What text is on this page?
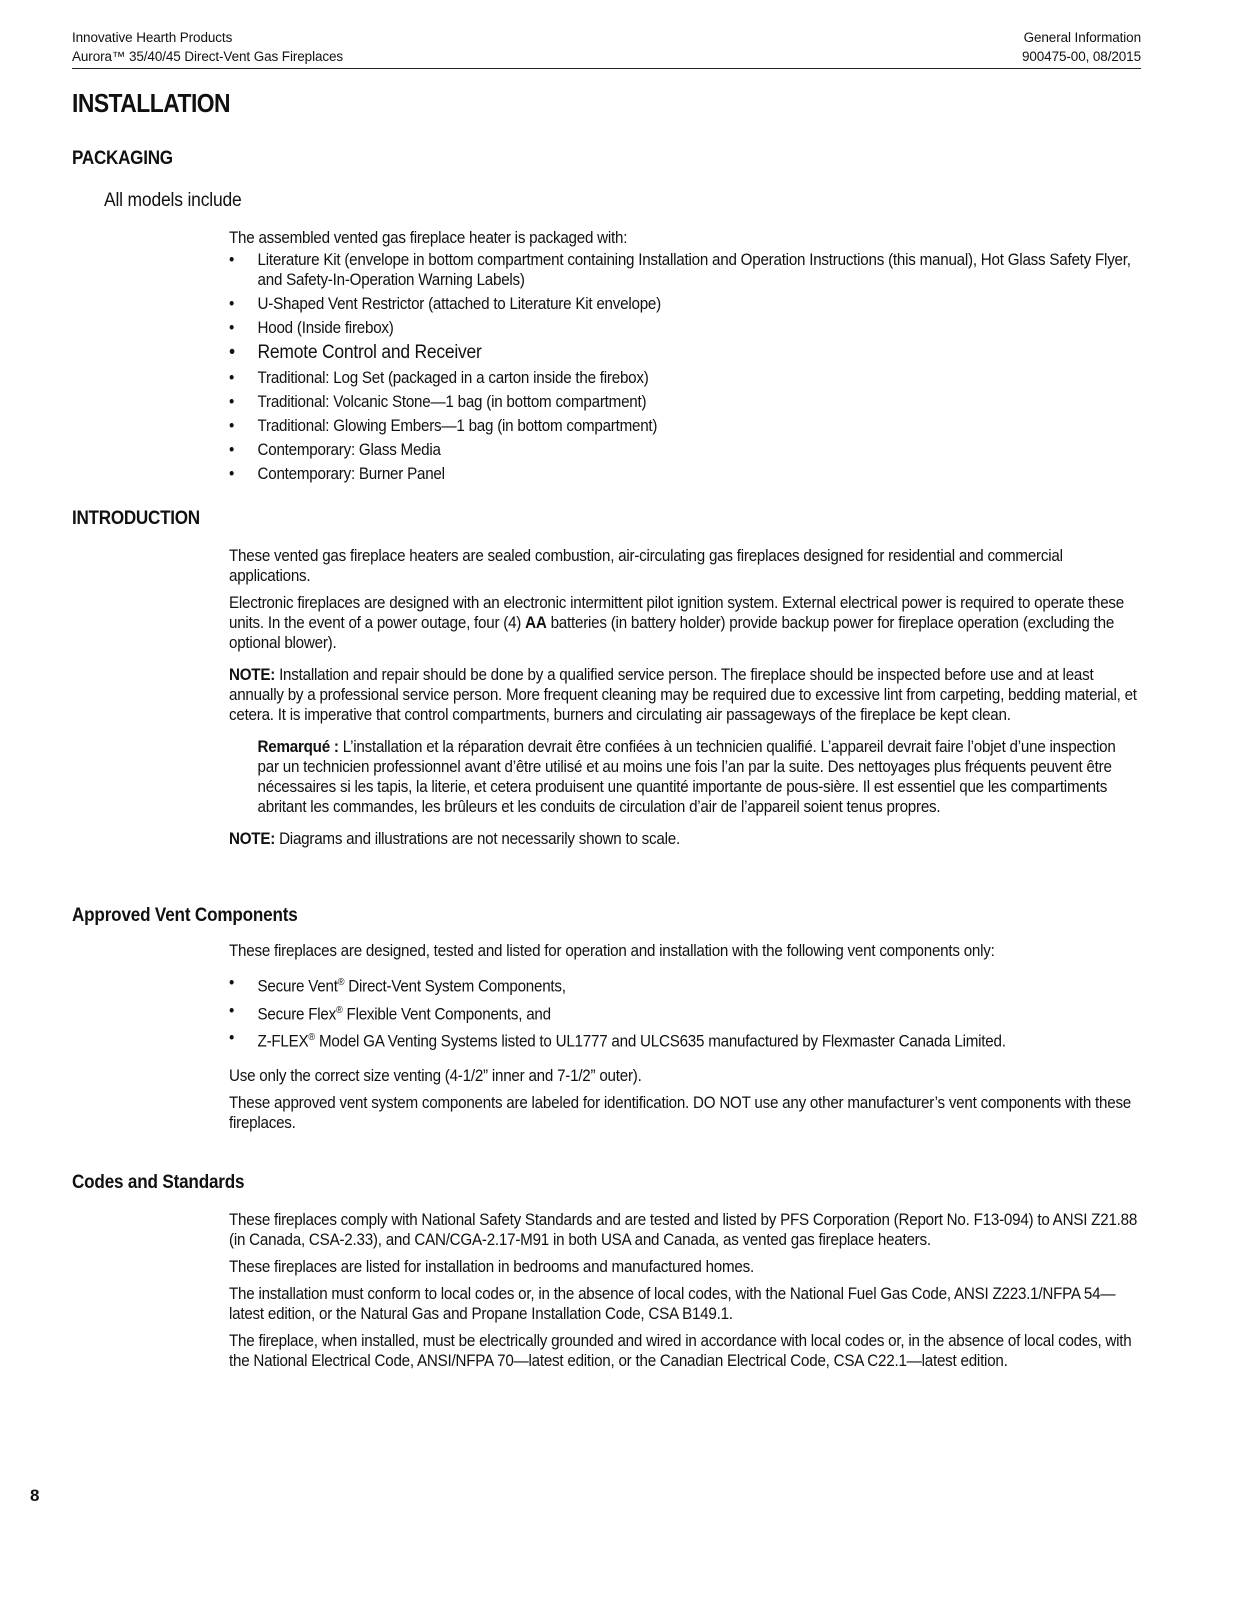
Innovative Hearth Products
Aurora™ 35/40/45 Direct-Vent Gas Fireplaces
General Information
900475-00, 08/2015
INSTALLATION
PACKAGING
All models include

The assembled vented gas fireplace heater is packaged with:

• Literature Kit (envelope in bottom compartment containing Installation and Operation Instructions (this manual), Hot Glass Safety Flyer, and Safety-In-Operation Warning Labels)
• U-Shaped Vent Restrictor (attached to Literature Kit envelope)
• Hood (Inside firebox)
• Remote Control and Receiver
• Traditional: Log Set (packaged in a carton inside the firebox)
• Traditional: Volcanic Stone—1 bag (in bottom compartment)
• Traditional: Glowing Embers—1 bag (in bottom compartment)
• Contemporary: Glass Media
• Contemporary: Burner Panel
INTRODUCTION

These vented gas fireplace heaters are sealed combustion, air-circulating gas fireplaces designed for residential and commercial applications.

Electronic fireplaces are designed with an electronic intermittent pilot ignition system. External electrical power is required to operate these units. In the event of a power outage, four (4) AA batteries (in battery holder) provide backup power for fireplace operation (excluding the optional blower).

NOTE: Installation and repair should be done by a qualified service person. The fireplace should be inspected before use and at least annually by a professional service person. More frequent cleaning may be required due to excessive lint from carpeting, bedding material, et cetera. It is imperative that control compartments, burners and circulating air passageways of the fireplace be kept clean.

Remarqué : L’installation et la réparation devrait être confiées à un technicien qualifié. L’appareil devrait faire l’objet d’une inspection par un technicien professionnel avant d’être utilisé et au moins une fois l’an par la suite. Des nettoyages plus fréquents peuvent être nécessaires si les tapis, la literie, et cetera produisent une quantité importante de pous-sière. Il est essentiel que les compartiments abritant les commandes, les brûleurs et les conduits de circulation d’air de l’appareil soient tenus propres.

NOTE: Diagrams and illustrations are not necessarily shown to scale.

Approved Vent Components

These fireplaces are designed, tested and listed for operation and installation with the following vent components only:

• Secure Vent® Direct-Vent System Components,
• Secure Flex® Flexible Vent Components, and
• Z-FLEX® Model GA Venting Systems listed to UL1777 and ULCS635 manufactured by Flexmaster Canada Limited.

Use only the correct size venting (4-1/2” inner and 7-1/2” outer).

These approved vent system components are labeled for identification. DO NOT use any other manufacturer’s vent components with these fireplaces.

Codes and Standards

These fireplaces comply with National Safety Standards and are tested and listed by PFS Corporation (Report No. F13-094) to ANSI Z21.88 (in Canada, CSA-2.33), and CAN/CGA-2.17-M91 in both USA and Canada, as vented gas fireplace heaters.

These fireplaces are listed for installation in bedrooms and manufactured homes.

The installation must conform to local codes or, in the absence of local codes, with the National Fuel Gas Code, ANSI Z223.1/NFPA 54—latest edition, or the Natural Gas and Propane Installation Code, CSA B149.1.

The fireplace, when installed, must be electrically grounded and wired in accordance with local codes or, in the absence of local codes, with the National Electrical Code, ANSI/NFPA 70—latest edition, or the Canadian Electrical Code, CSA C22.1—latest edition.

8
